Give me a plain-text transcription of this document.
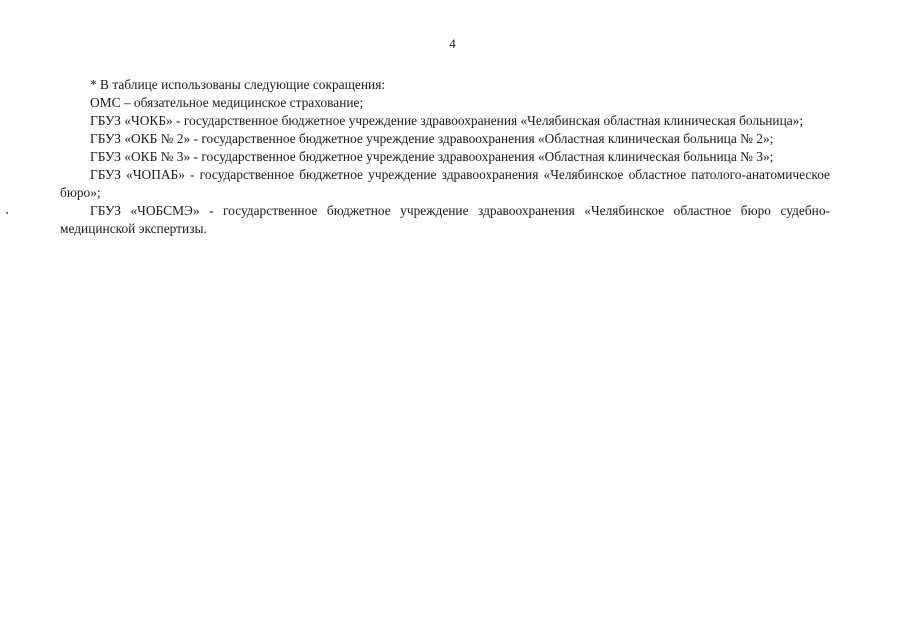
4

* В таблице использованы следующие сокращения:

ОМС – обязательное медицинское страхование;

ГБУЗ «ЧОКБ» - государственное бюджетное учреждение здравоохранения «Челябинская областная клиническая больница»;

ГБУЗ «ОКБ № 2» - государственное бюджетное учреждение здравоохранения «Областная клиническая больница № 2»;

ГБУЗ «ОКБ № 3» - государственное бюджетное учреждение здравоохранения «Областная клиническая больница № 3»;

ГБУЗ «ЧОПАБ» - государственное бюджетное учреждение здравоохранения «Челябинское областное патолого-анатомическое бюро»;

ГБУЗ «ЧОБСМЭ» - государственное бюджетное учреждение здравоохранения «Челябинское областное бюро судебно-медицинской экспертизы.
